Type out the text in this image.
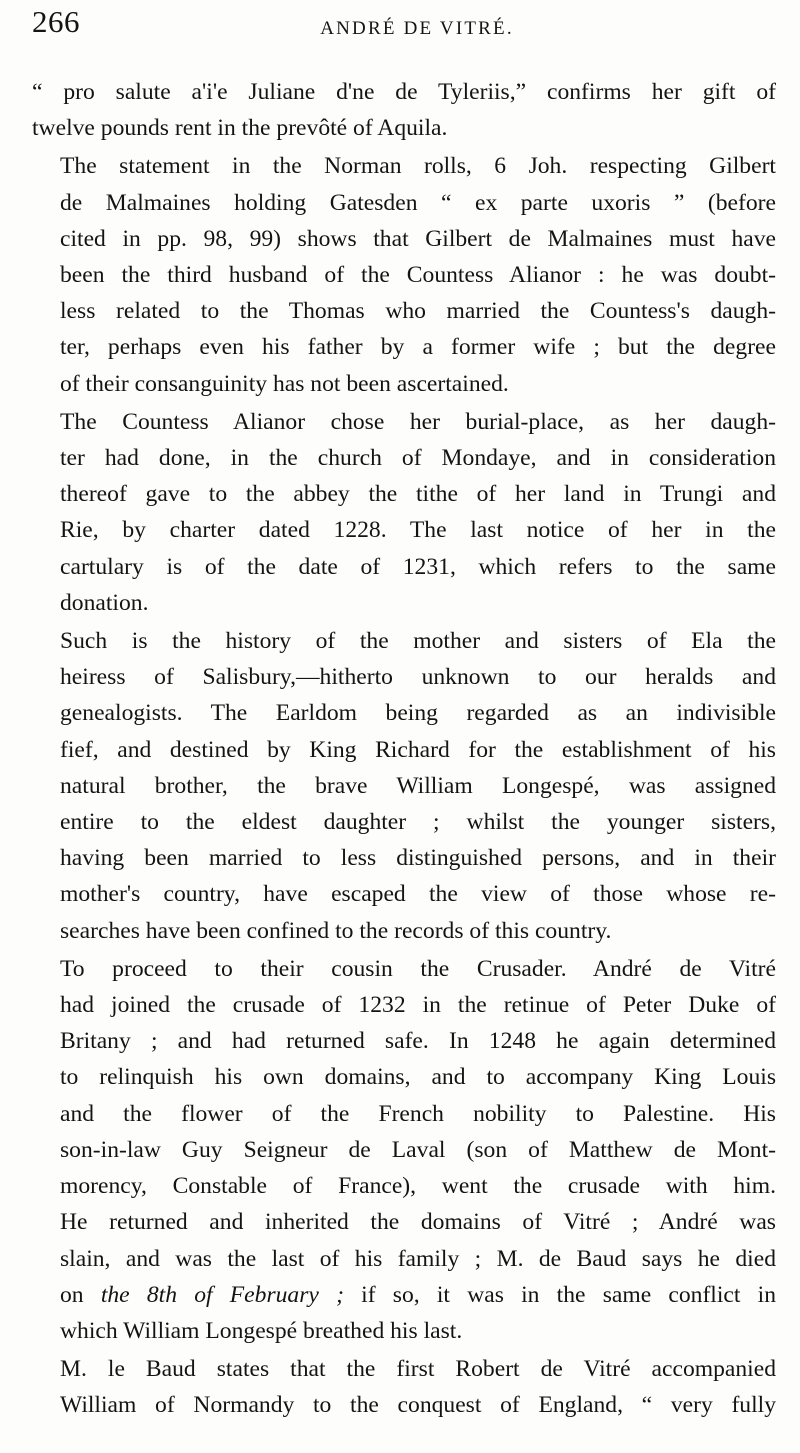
266	ANDRÉ DE VITRÉ.

“ pro salute a'i'e Juliane d'ne de Tyleriis,” confirms her gift of
twelve pounds rent in the prevôté of Aquila.

The statement in the Norman rolls, 6 Joh. respecting Gilbert
de Malmaines holding Gatesden “ ex parte uxoris ” (before
cited in pp. 98, 99) shows that Gilbert de Malmaines must have
been the third husband of the Countess Alianor : he was doubt-
less related to the Thomas who married the Countess's daugh-
ter, perhaps even his father by a former wife ; but the degree
of their consanguinity has not been ascertained.

The Countess Alianor chose her burial-place, as her daugh-
ter had done, in the church of Mondaye, and in consideration
thereof gave to the abbey the tithe of her land in Trungi and
Rie, by charter dated 1228. The last notice of her in the
cartulary is of the date of 1231, which refers to the same
donation.

Such is the history of the mother and sisters of Ela the
heiress of Salisbury,—hitherto unknown to our heralds and
genealogists. The Earldom being regarded as an indivisible
fief, and destined by King Richard for the establishment of his
natural brother, the brave William Longespé, was assigned
entire to the eldest daughter ; whilst the younger sisters,
having been married to less distinguished persons, and in their
mother's country, have escaped the view of those whose re-
searches have been confined to the records of this country.

To proceed to their cousin the Crusader. André de Vitré
had joined the crusade of 1232 in the retinue of Peter Duke of
Britany ; and had returned safe. In 1248 he again determined
to relinquish his own domains, and to accompany King Louis
and the flower of the French nobility to Palestine. His
son-in-law Guy Seigneur de Laval (son of Matthew de Mont-
morency, Constable of France), went the crusade with him.
He returned and inherited the domains of Vitré ; André was
slain, and was the last of his family ; M. de Baud says he died
on the 8th of February ; if so, it was in the same conflict in
which William Longespé breathed his last.

M. le Baud states that the first Robert de Vitré accompanied
William of Normandy to the conquest of England, “ very fully
